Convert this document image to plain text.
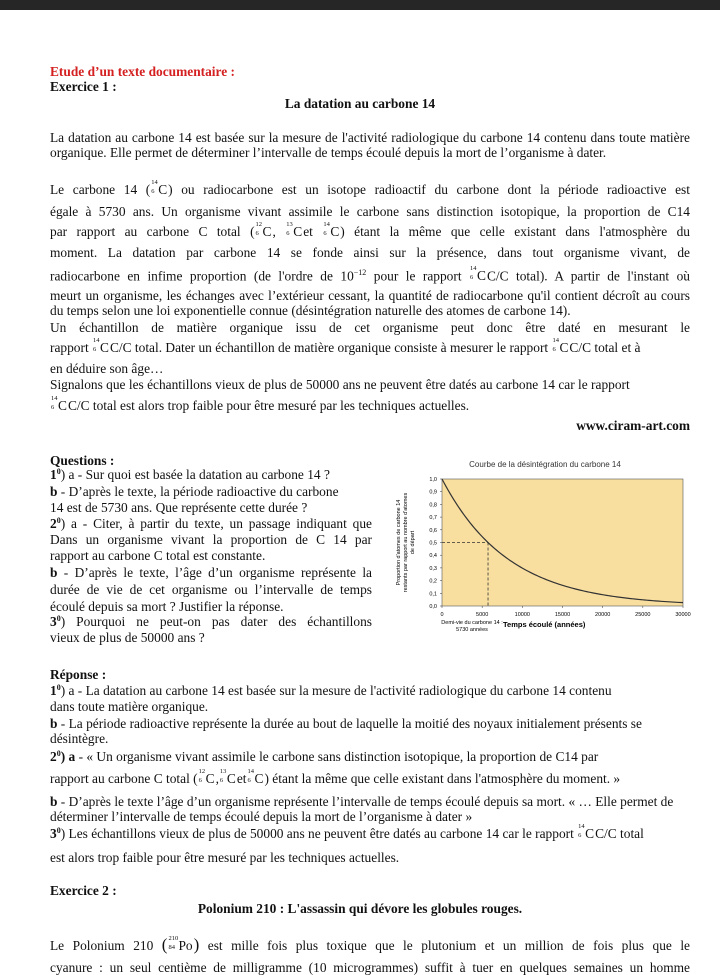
Etude d’un texte documentaire :
Exercice 1 :
La datation au carbone 14
La datation au carbone 14 est basée sur la mesure de l'activité radiologique du carbone 14 contenu dans toute matière organique. Elle permet de déterminer l’intervalle de temps écoulé depuis la mort de l’organisme à dater.
Le carbone 14 ( 14
6 C) ou radiocarbone est un isotope radioactif du carbone dont la période radioactive est
égale à 5730 ans. Un organisme vivant assimile le carbone sans distinction isotopique, la proportion de C14
par rapport au carbone C total ( 12
6 C, 13
6 Cet 14
6 C) étant la même que celle existant dans l'atmosphère du
moment. La datation par carbone 14 se fonde ainsi sur la présence, dans tout organisme vivant, de
radiocarbone en infime proportion (de l'ordre de $10^{-12}$ pour le rapport 14
6 CC/C total). A partir de l'instant où
meurt un organisme, les échanges avec l’extérieur cessant, la quantité de radiocarbone qu'il contient décroît au cours du temps selon une loi exponentielle connue (désintégration naturelle des atomes de carbone 14).
Un échantillon de matière organique issu de cet organisme peut donc être daté en mesurant le
rapport 14
6 CC/C total. Dater un échantillon de matière organique consiste à mesurer le rapport 14
6 CC/C total et à
en déduire son âge…
Signalons que les échantillons vieux de plus de 50000 ans ne peuvent être datés au carbone 14 car le rapport
14
6 CC/C total est alors trop faible pour être mesuré par les techniques actuelles.
www.ciram-art.com
Questions :
$1^0$) a - Sur quoi est basée la datation au carbone 14 ?
b - D’après le texte, la période radioactive du carbone
14 est de 5730 ans. Que représente cette durée ?
$2^0$) a - Citer, à partir du texte, un passage indiquant que
Dans un organisme vivant la proportion de C 14 par
rapport au carbone C total est constante.
b - D’après le texte, l’âge d’un organisme représente la
durée de vie de cet organisme ou l’intervalle de temps
écoulé depuis sa mort ? Justifier la réponse.
$3^0$) Pourquoi ne peut-on pas dater des échantillons
vieux de plus de 50000 ans ?
Courbe de la désintégration du carbone 14
0,0
0,1
0,2
0,3
0,4
0,5
0,6
0,7
0,8
0,9
1,0
0	5000	10000	15000	20000	25000	30000
Proportion d'atomes de carbone 14 restants par rapport au nombre d'atomes de départ
Demi-vie du carbone 14 :
5730 années
Temps écoulé (années)
Réponse :
$1^0$) a - La datation au carbone 14 est basée sur la mesure de l'activité radiologique du carbone 14 contenu
dans toute matière organique.
b - La période radioactive représente la durée au bout de laquelle la moitié des noyaux initialement présents se désintègre.
$2^0$) a - « Un organisme vivant assimile le carbone sans distinction isotopique, la proportion de C14 par
rapport au carbone C total ( 12
6 C, 13
6 Cet 14
6 C) étant la même que celle existant dans l'atmosphère du moment. »
b - D’après le texte l’âge d’un organisme représente l’intervalle de temps écoulé depuis sa mort. « … Elle permet de déterminer l’intervalle de temps écoulé depuis la mort de l’organisme à dater »
$3^0$) Les échantillons vieux de plus de 50000 ans ne peuvent être datés au carbone 14 car le rapport 14
6 CC/C total
est alors trop faible pour être mesuré par les techniques actuelles.
Exercice 2 :
Polonium 210 : L'assassin qui dévore les globules rouges.
Le Polonium 210 ( 210
84 Po) est mille fois plus toxique que le plutonium et un million de fois plus que le
cyanure : un seul centième de milligramme (10 microgrammes) suffit à tuer en quelques semaines un homme
